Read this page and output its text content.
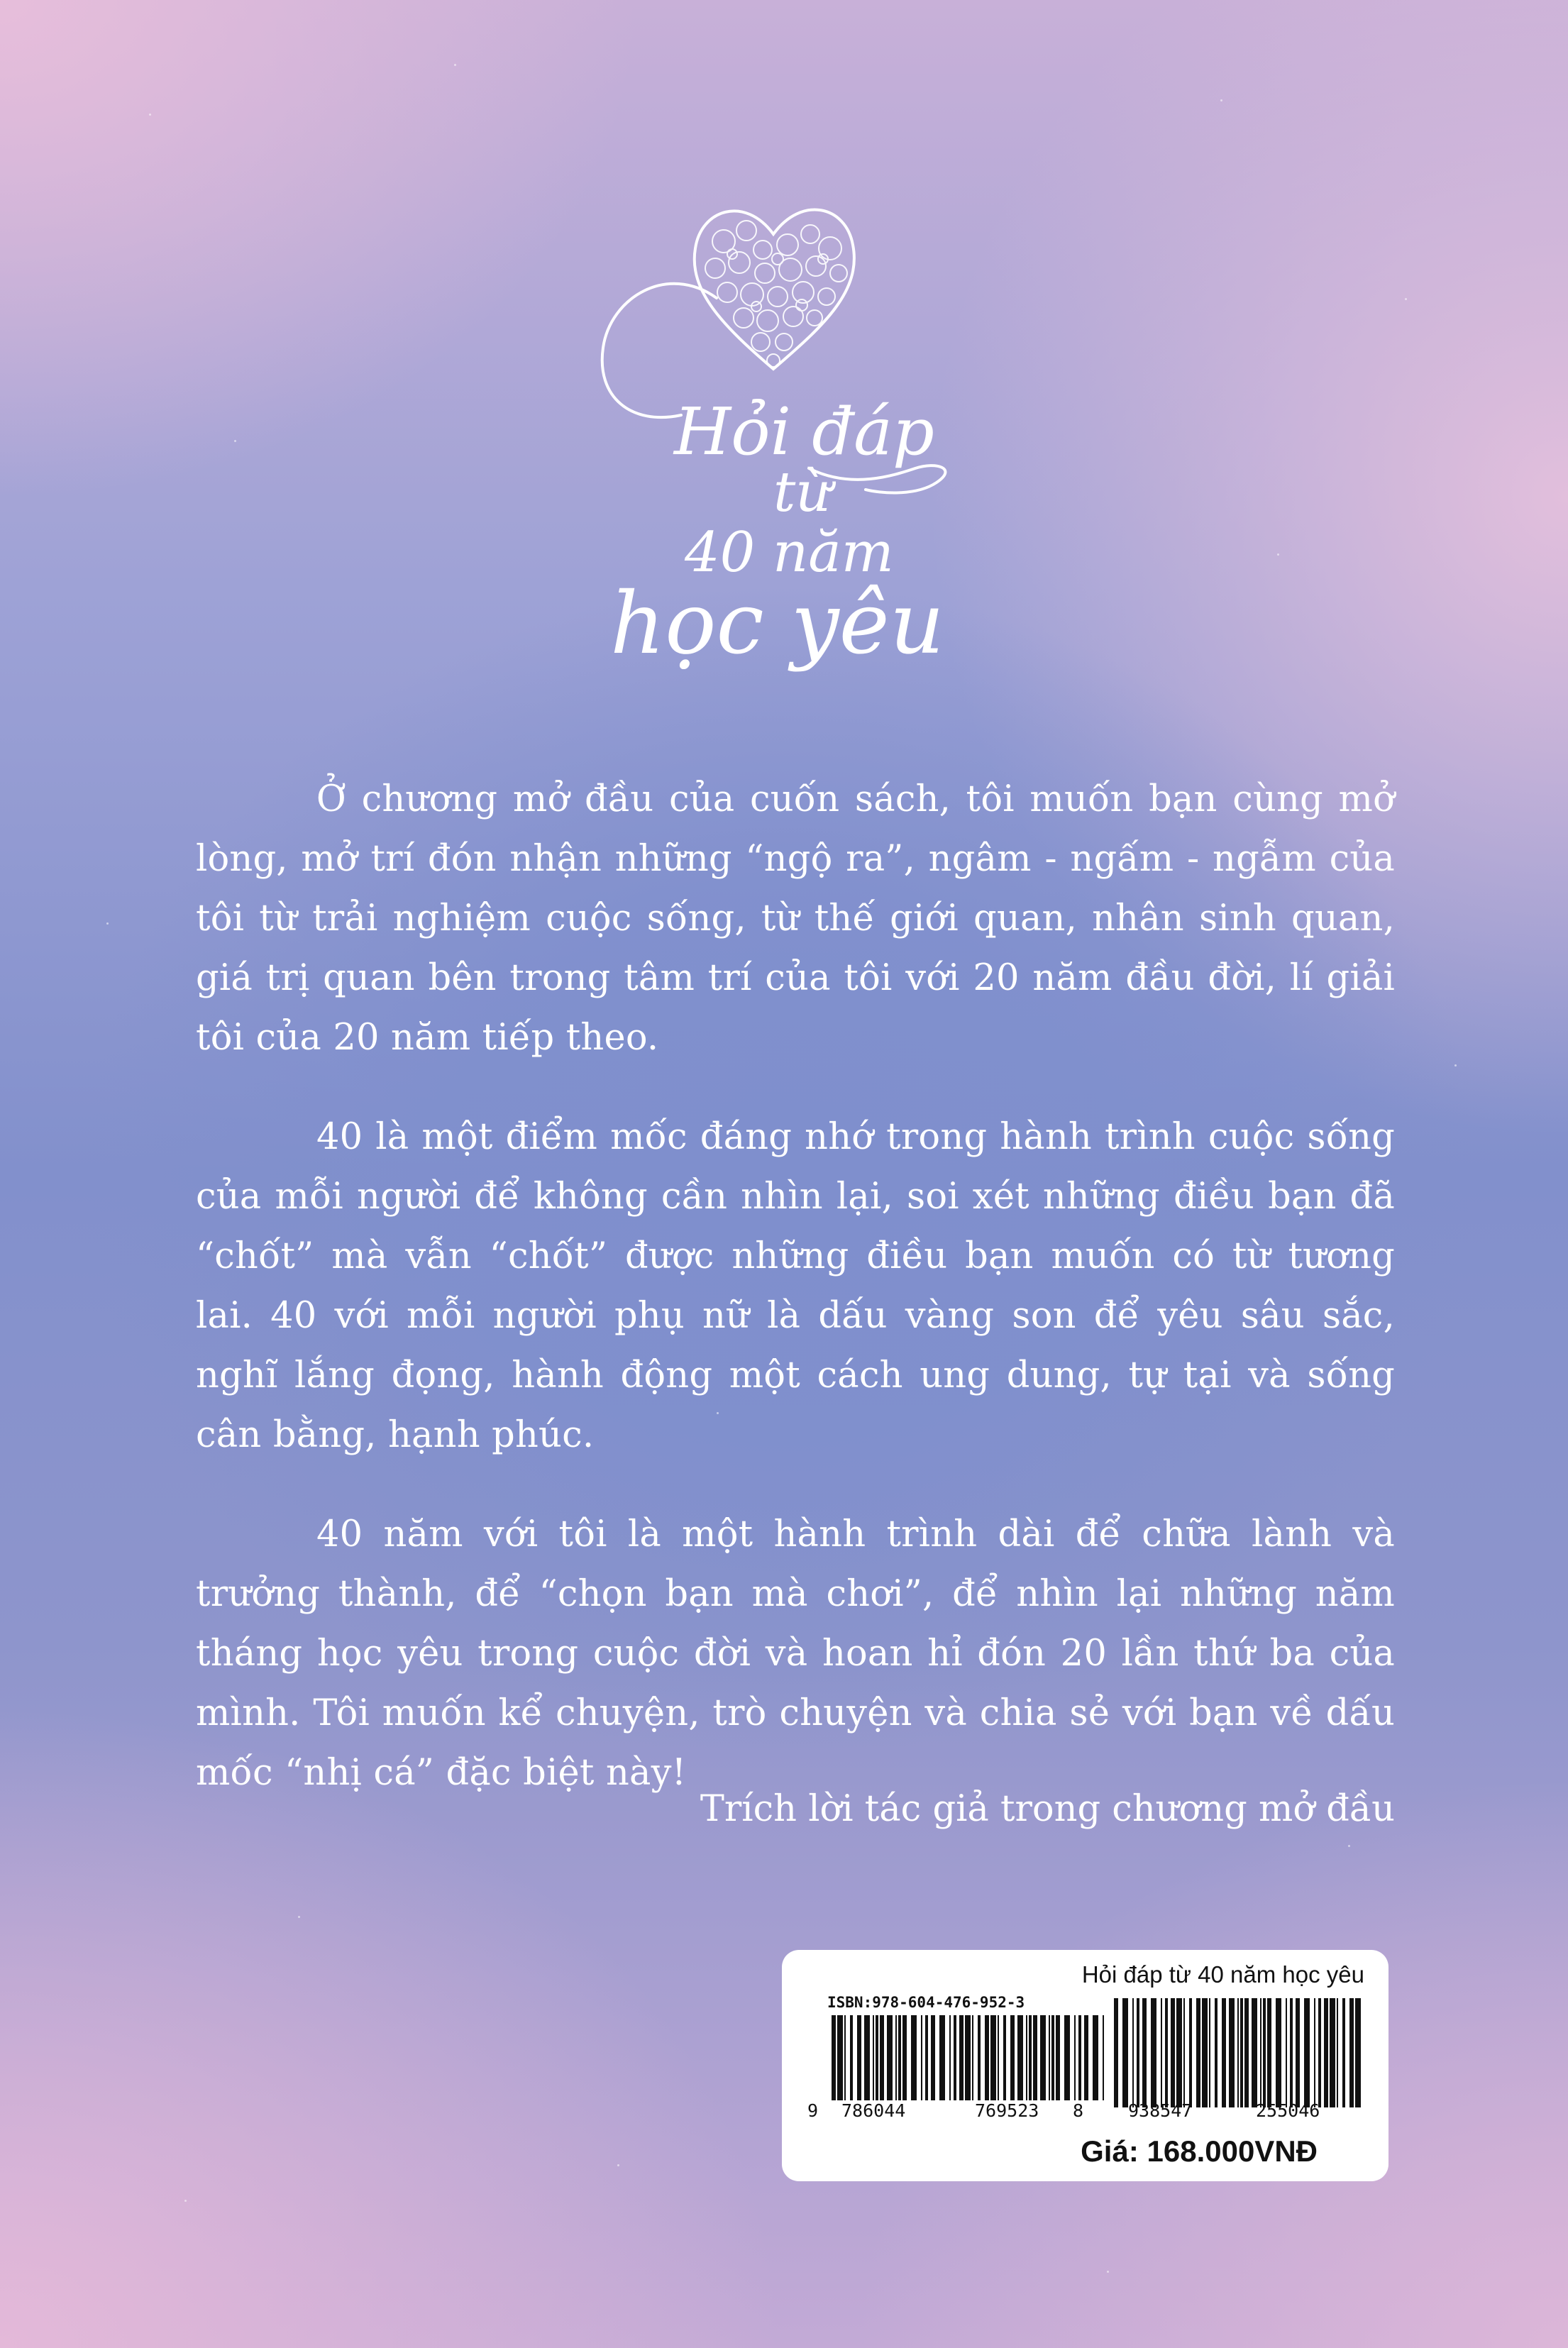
Hỏi đáp
từ
40 năm
học yêu

Ở chương mở đầu của cuốn sách, tôi muốn bạn cùng mở lòng, mở trí đón nhận những “ngộ ra”, ngâm - ngấm - ngẫm của tôi từ trải nghiệm cuộc sống, từ thế giới quan, nhân sinh quan, giá trị quan bên trong tâm trí của tôi với 20 năm đầu đời, lí giải tôi của 20 năm tiếp theo.

40 là một điểm mốc đáng nhớ trong hành trình cuộc sống của mỗi người để không cần nhìn lại, soi xét những điều bạn đã “chốt” mà vẫn “chốt” được những điều bạn muốn có từ tương lai. 40 với mỗi người phụ nữ là dấu vàng son để yêu sâu sắc, nghĩ lắng đọng, hành động một cách ung dung, tự tại và sống cân bằng, hạnh phúc.

40 năm với tôi là một hành trình dài để chữa lành và trưởng thành, để “chọn bạn mà chơi”, để nhìn lại những năm tháng học yêu trong cuộc đời và hoan hỉ đón 20 lần thứ ba của mình. Tôi muốn kể chuyện, trò chuyện và chia sẻ với bạn về dấu mốc “nhị cá” đặc biệt này!

Trích lời tác giả trong chương mở đầu
Hỏi đáp từ 40 năm học yêu
ISBN:978-604-476-952-3
9 786044	769523 8	938547	255046
Giá: 168.000VNĐ
